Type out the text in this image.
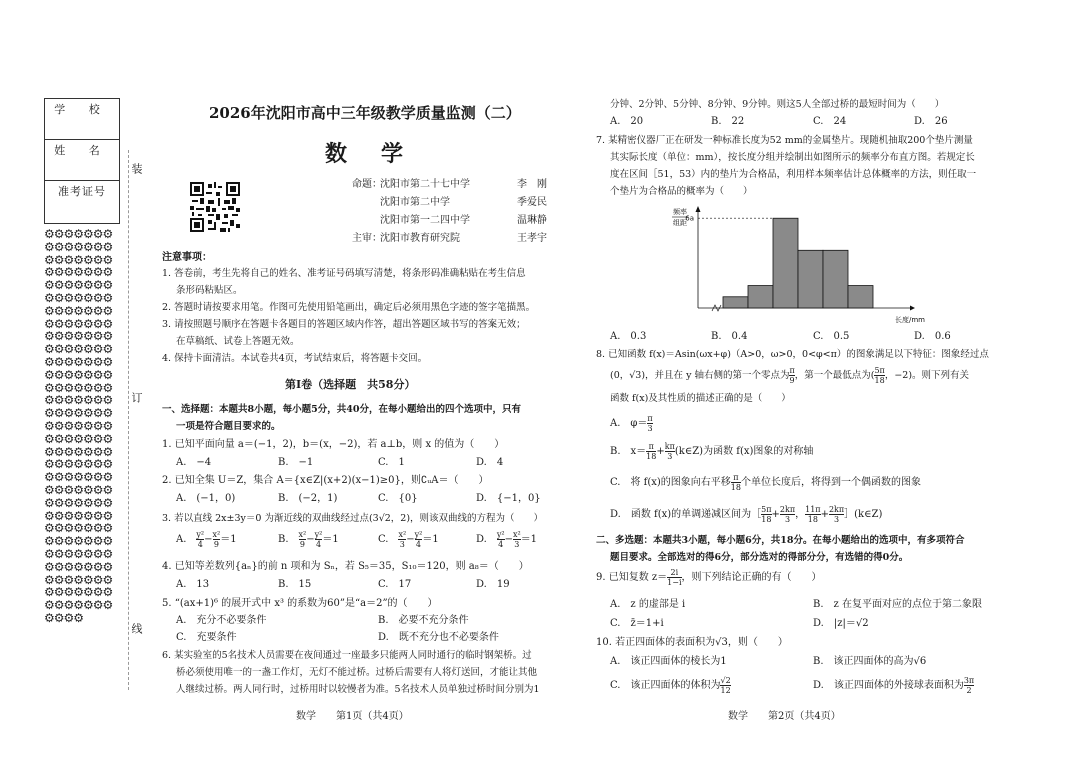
学 校
姓 名
准考证号
⚙⚙⚙⚙⚙⚙⚙⚙⚙⚙⚙⚙⚙⚙⚙⚙⚙⚙⚙⚙⚙⚙⚙⚙⚙⚙⚙⚙⚙⚙⚙⚙⚙⚙⚙⚙⚙⚙⚙⚙⚙⚙⚙⚙⚙⚙⚙⚙⚙⚙⚙⚙⚙⚙⚙⚙⚙⚙⚙⚙⚙⚙⚙⚙⚙⚙⚙⚙⚙⚙⚙⚙⚙⚙⚙⚙⚙⚙⚙⚙⚙⚙⚙⚙⚙⚙⚙⚙⚙⚙⚙⚙⚙⚙⚙⚙⚙⚙⚙⚙⚙⚙⚙⚙⚙⚙⚙⚙⚙⚙⚙⚙⚙⚙⚙⚙⚙⚙⚙⚙⚙⚙⚙⚙⚙⚙⚙⚙⚙⚙⚙⚙⚙⚙⚙⚙⚙⚙⚙⚙⚙⚙⚙⚙⚙⚙⚙⚙⚙⚙⚙⚙⚙⚙⚙⚙⚙⚙⚙⚙⚙⚙⚙⚙⚙⚙⚙⚙⚙⚙⚙⚙⚙⚙⚙⚙⚙⚙⚙⚙⚙⚙⚙⚙⚙⚙⚙⚙⚙⚙⚙⚙⚙⚙⚙⚙⚙⚙⚙⚙⚙⚙⚙⚙⚙⚙⚙⚙⚙⚙⚙⚙⚙⚙
装
订
线
2026年沈阳市高中三年级教学质量监测（二）
数　学
命题：
沈阳市第二十七中学	李　刚
沈阳市第二中学	季爱民
沈阳市第一二四中学	温琳静
主审：
沈阳市教育研究院	王孝宇
注意事项：
1. 答卷前，考生先将自己的姓名、准考证号码填写清楚，将条形码准确粘贴在考生信息
条形码粘贴区。
2. 答题时请按要求用笔。作图可先使用铅笔画出，确定后必须用黑色字迹的签字笔描黑。
3. 请按照题号顺序在答题卡各题目的答题区域内作答，超出答题区域书写的答案无效；
在草稿纸、试卷上答题无效。
4. 保持卡面清洁。本试卷共4页，考试结束后，将答题卡交回。
第Ⅰ卷（选择题　共58分）
一、选择题：本题共8小题，每小题5分，共40分，在每小题给出的四个选项中，只有
一项是符合题目要求的。
1. 已知平面向量 a＝(−1，2)，b＝(x，−2)，若 a⊥b，则 x 的值为（　　）
A.　−4	B.　−1	C.　1	D.　4
2. 已知全集 U＝Z，集合 A＝{x∈Z|(x+2)(x−1)≥0}，则∁ᵤA＝（　　）
A.　(−1，0)	B.　(−2，1)	C.　{0}	D.　{−1，0}
3. 若以直线 2x±3y＝0 为渐近线的双曲线经过点(3√2，2)，则该双曲线的方程为（　　）
A.　 $\frac{\text{y²}}{4} - \frac{\text{x²}}{9} =1$	B.　 $\frac{\text{x²}}{9} - \frac{\text{y²}}{4} =1$	C.　 $\frac{\text{x²}}{3} - \frac{\text{y²}}{4} =1$	D.　 $\frac{\text{y²}}{4} - \frac{\text{x²}}{3} =1$
4. 已知等差数列{aₙ}的前 n 项和为 Sₙ，若 S₅＝35，S₁₀＝120，则 a₈＝（　　）
A.　13	B.　15	C.　17	D.　19
5. “(ax+1)⁶ 的展开式中 x³ 的系数为60”是“a＝2”的（　　）
A.　充分不必要条件	B.　必要不充分条件
C.　充要条件	D.　既不充分也不必要条件
6. 某实验室的5名技术人员需要在夜间通过一座最多只能两人同时通行的临时钢架桥。过
桥必须使用唯一的一盏工作灯，无灯不能过桥。过桥后需要有人将灯送回，才能让其他
人继续过桥。两人同行时，过桥用时以较慢者为准。5名技术人员单独过桥时间分别为1
数学　　第1页（共4页）
分钟、2分钟、5分钟、8分钟、9分钟。则这5人全部过桥的最短时间为（　　）
A.　20	B.　22	C.　24	D.　26
7. 某精密仪器厂正在研发一种标准长度为52 mm的金属垫片。现随机抽取200个垫片测量
其实际长度（单位：mm），按长度分组并绘制出如图所示的频率分布直方图。若规定长
度在区间［51，53）内的垫片为合格品，利用样本频率估计总体概率的方法，则任取一
个垫片为合格品的概率为（　　）
频率
组距
长度/mm
6a
A.　0.3	B.　0.4	C.　0.5	D.　0.6
8. 已知函数 f(x)＝Asin(ωx+φ)（A>0，ω>0，0<φ<π）的图象满足以下特征：图象经过点
(0，√3)，并且在 y 轴右侧的第一个零点为 $\frac{\pi}{9}$ ，第一个最低点为( $\frac{5\pi}{18}$ ，−2)。则下列有关
函数 f(x)及其性质的描述正确的是（　　）
A.　$\varphi= \frac{\pi}{3}$
B.　$x= \frac{\pi}{18} + \frac{k\pi}{3}$ (k∈Z)为函数 f(x)图象的对称轴
C.　将 f(x)的图象向右平移 $\frac{\pi}{18}$ 个单位长度后，将得到一个偶函数的图象
D.　函数 f(x)的单调递减区间为［ $\frac{5\pi}{18} + \frac{2k\pi}{3}$ ， $\frac{11\pi}{18} + \frac{2k\pi}{3}$ ］(k∈Z)
二、多选题：本题共3小题，每小题6分，共18分。在每小题给出的选项中，有多项符合
题目要求。全部选对的得6分，部分选对的得部分分，有选错的得0分。
9. 已知复数 $z= \frac{2i}{1-i}$ ，则下列结论正确的有（　　）
A.　z 的虚部是 i	B.　z 在复平面对应的点位于第二象限
C.　z̄＝1+i	D.　|z|＝√2
10. 若正四面体的表面积为√3，则（　　）
A.　该正四面体的棱长为1	B.　该正四面体的高为√6
C.　该正四面体的体积为 $\frac{√2}{12}$	D.　该正四面体的外接球表面积为 $\frac{3\pi}{2}$
数学　　第2页（共4页）
